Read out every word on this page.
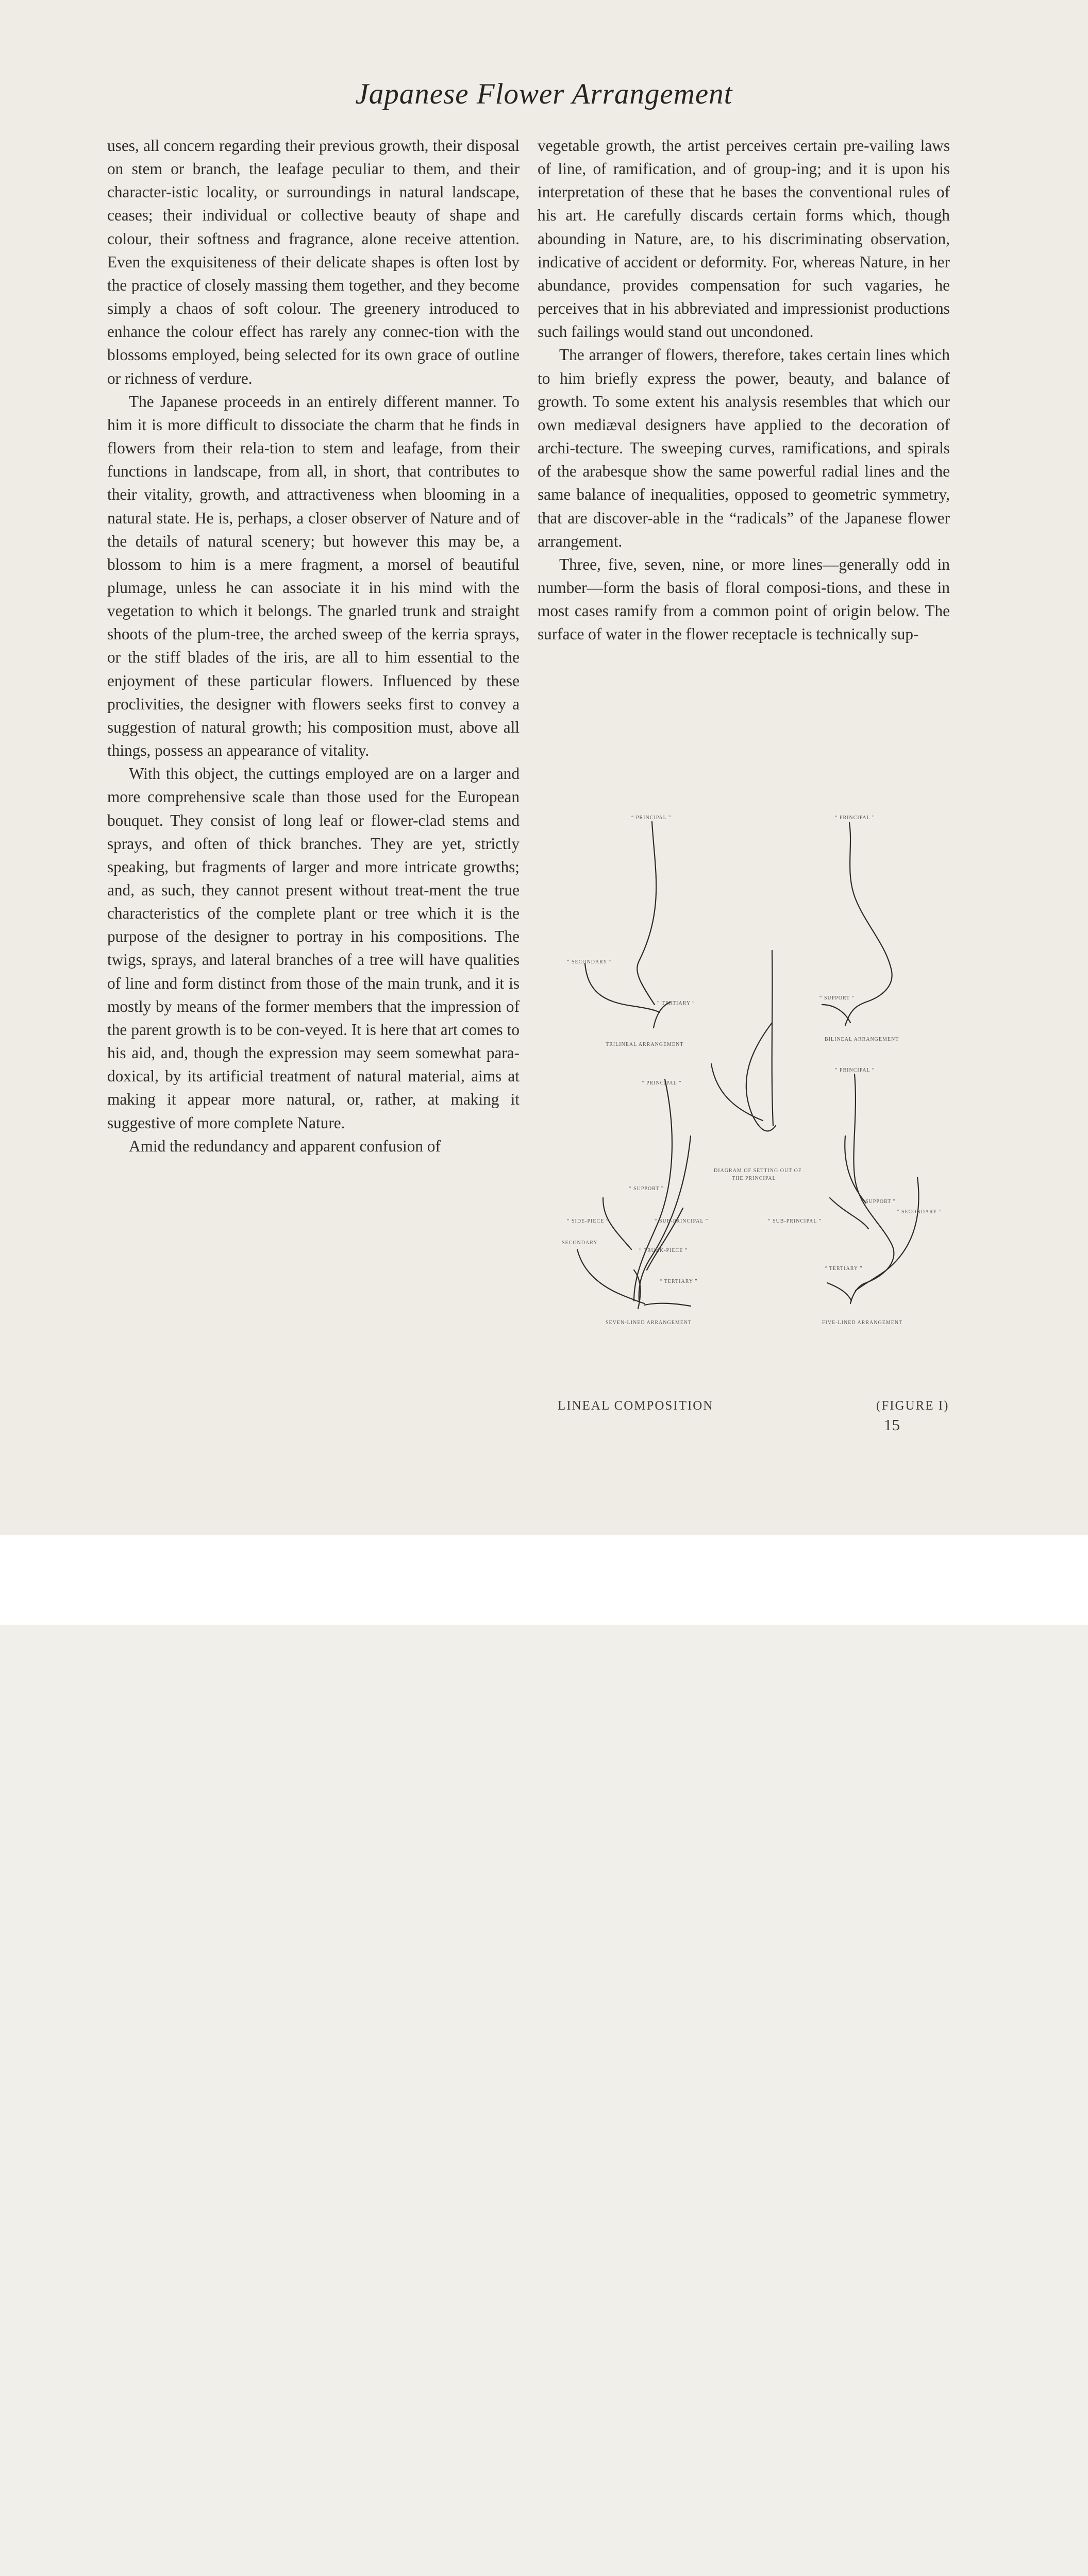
Japanese Flower Arrangement

uses, all concern regarding their previous growth, their disposal on stem or branch, the leafage peculiar to them, and their character-istic locality, or surroundings in natural landscape, ceases; their individual or collective beauty of shape and colour, their softness and fragrance, alone receive attention. Even the exquisiteness of their delicate shapes is often lost by the practice of closely massing them together, and they become simply a chaos of soft colour. The greenery introduced to enhance the colour effect has rarely any connec-tion with the blossoms employed, being selected for its own grace of outline or richness of verdure.

The Japanese proceeds in an entirely different manner. To him it is more difficult to dissociate the charm that he finds in flowers from their rela-tion to stem and leafage, from their functions in landscape, from all, in short, that contributes to their vitality, growth, and attractiveness when blooming in a natural state. He is, perhaps, a closer observer of Nature and of the details of natural scenery; but however this may be, a blossom to him is a mere fragment, a morsel of beautiful plumage, unless he can associate it in his mind with the vegetation to which it belongs. The gnarled trunk and straight shoots of the plum-tree, the arched sweep of the kerria sprays, or the stiff blades of the iris, are all to him essential to the enjoyment of these particular flowers. Influenced by these proclivities, the designer with flowers seeks first to convey a suggestion of natural growth; his composition must, above all things, possess an appearance of vitality.

With this object, the cuttings employed are on a larger and more comprehensive scale than those used for the European bouquet. They consist of long leaf or flower-clad stems and sprays, and often of thick branches. They are yet, strictly speaking, but fragments of larger and more intricate growths; and, as such, they cannot present without treat-ment the true characteristics of the complete plant or tree which it is the purpose of the designer to portray in his compositions. The twigs, sprays, and lateral branches of a tree will have qualities of line and form distinct from those of the main trunk, and it is mostly by means of the former members that the impression of the parent growth is to be con-veyed. It is here that art comes to his aid, and, though the expression may seem somewhat para-doxical, by its artificial treatment of natural material, aims at making it appear more natural, or, rather, at making it suggestive of more complete Nature.

Amid the redundancy and apparent confusion of

vegetable growth, the artist perceives certain pre-vailing laws of line, of ramification, and of group-ing; and it is upon his interpretation of these that he bases the conventional rules of his art. He carefully discards certain forms which, though abounding in Nature, are, to his discriminating observation, indicative of accident or deformity. For, whereas Nature, in her abundance, provides compensation for such vagaries, he perceives that in his abbreviated and impressionist productions such failings would stand out uncondoned.

The arranger of flowers, therefore, takes certain lines which to him briefly express the power, beauty, and balance of growth. To some extent his analysis resembles that which our own mediæval designers have applied to the decoration of archi-tecture. The sweeping curves, ramifications, and spirals of the arabesque show the same powerful radial lines and the same balance of inequalities, opposed to geometric symmetry, that are discover-able in the “radicals” of the Japanese flower arrangement.

Three, five, seven, nine, or more lines—generally odd in number—form the basis of floral composi-tions, and these in most cases ramify from a common point of origin below. The surface of water in the flower receptacle is technically sup-

“ PRINCIPAL ”	“ PRINCIPAL ”
“ SECONDARY ”
“ TERTIARY ”
TRILINEAL ARRANGEMENT
“ SUPPORT ”
BILINEAL ARRANGEMENT
“ PRINCIPAL ”
“ PRINCIPAL ”
DIAGRAM OF SETTING OUT OF
THE PRINCIPAL
“ SUPPORT ”
“ SUPPORT ”
“ SECONDARY ”
“ SIDE-PIECE ”	“ SUB-PRINCIPAL ”	“ SUB-PRINCIPAL ”
SECONDARY
“ TRUNK-PIECE ”
“ TERTIARY ”
“ TERTIARY ”
SEVEN-LINED ARRANGEMENT	FIVE-LINED ARRANGEMENT
LINEAL COMPOSITION	(FIGURE I)
15
